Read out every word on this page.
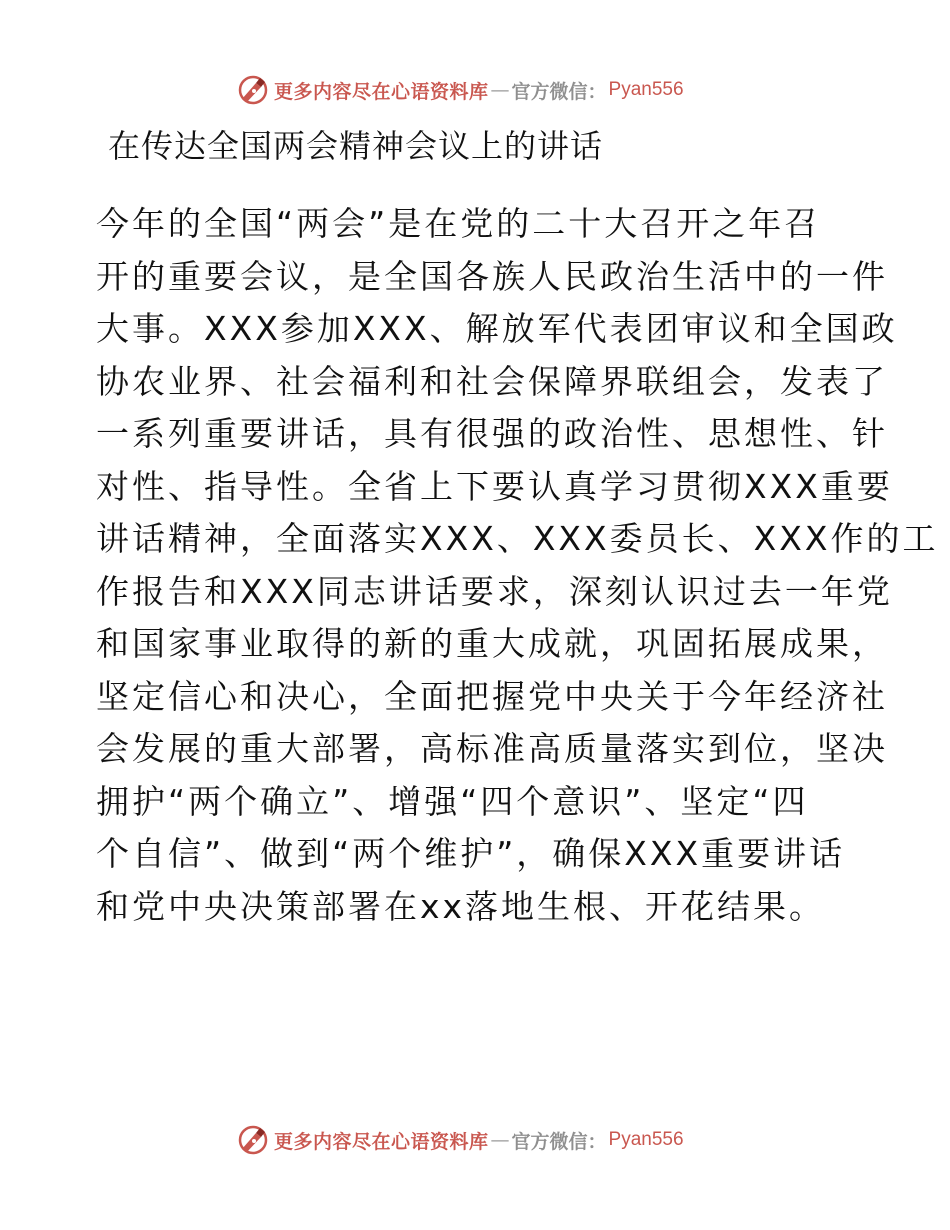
更多内容尽在心语资料库 — 官方微信： Pyan556
在传达全国两会精神会议上的讲话
今年的全国“两会”是在党的二十大召开之年召
开的重要会议，是全国各族人民政治生活中的一件
大事。XXX参加XXX、解放军代表团审议和全国政
协农业界、社会福利和社会保障界联组会，发表了
一系列重要讲话，具有很强的政治性、思想性、针
对性、指导性。全省上下要认真学习贯彻XXX重要
讲话精神，全面落实XXX、XXX委员长、XXX作的工
作报告和XXX同志讲话要求，深刻认识过去一年党
和国家事业取得的新的重大成就，巩固拓展成果，
坚定信心和决心，全面把握党中央关于今年经济社
会发展的重大部署，高标准高质量落实到位，坚决
拥护“两个确立”、增强“四个意识”、坚定“四
个自信”、做到“两个维护”，确保XXX重要讲话
和党中央决策部署在xx落地生根、开花结果。
更多内容尽在心语资料库 — 官方微信： Pyan556
